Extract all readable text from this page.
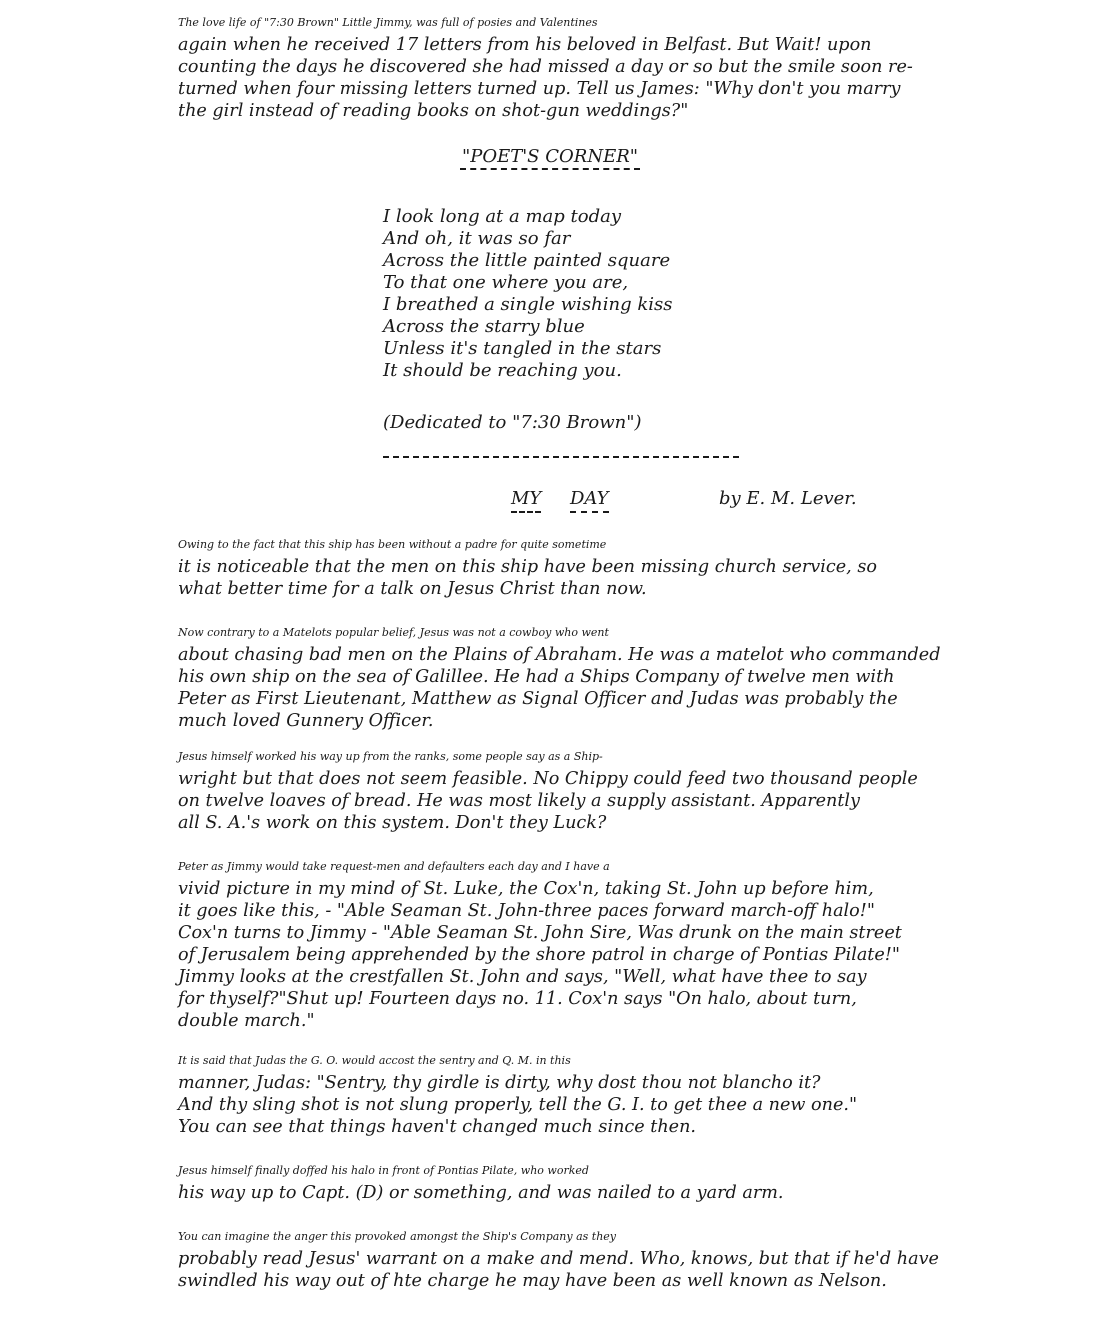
The love life of "7:30 Brown" Little Jimmy, was full of posies and Valentines
again when he received 17 letters from his beloved in Belfast. But Wait! upon
counting the days he discovered she had missed a day or so but the smile soon re-
turned when four missing letters turned up. Tell us James: "Why don't you marry
the girl instead of reading books on shot-gun weddings?"

"POET'S CORNER"
I look long at a map today
And oh, it was so far
Across the little painted square
To that one where you are,
I breathed a single wishing kiss
Across the starry blue
Unless it's tangled in the stars
It should be reaching you.
(Dedicated to "7:30 Brown")
MY DAY	by E. M. Lever.

Owing to the fact that this ship has been without a padre for quite sometime
it is noticeable that the men on this ship have been missing church service, so
what better time for a talk on Jesus Christ than now.

Now contrary to a Matelots popular belief, Jesus was not a cowboy who went
about chasing bad men on the Plains of Abraham. He was a matelot who commanded
his own ship on the sea of Galillee. He had a Ships Company of twelve men with
Peter as First Lieutenant, Matthew as Signal Officer and Judas was probably the
much loved Gunnery Officer.

Jesus himself worked his way up from the ranks, some people say as a Ship-
wright but that does not seem feasible. No Chippy could feed two thousand people
on twelve loaves of bread. He was most likely a supply assistant. Apparently
all S. A.'s work on this system. Don't they Luck?

Peter as Jimmy would take request-men and defaulters each day and I have a
vivid picture in my mind of St. Luke, the Cox'n, taking St. John up before him,
it goes like this, - "Able Seaman St. John-three paces forward march-off halo!"
Cox'n turns to Jimmy - "Able Seaman St. John Sire, Was drunk on the main street
of Jerusalem being apprehended by the shore patrol in charge of Pontias Pilate!"
Jimmy looks at the crestfallen St. John and says, "Well, what have thee to say
for thyself?"Shut up! Fourteen days no. 11. Cox'n says "On halo, about turn,
double march."

It is said that Judas the G. O. would accost the sentry and Q. M. in this
manner, Judas: "Sentry, thy girdle is dirty, why dost thou not blancho it?
And thy sling shot is not slung properly, tell the G. I. to get thee a new one."
You can see that things haven't changed much since then.

Jesus himself finally doffed his halo in front of Pontias Pilate, who worked
his way up to Capt. (D) or something, and was nailed to a yard arm.

You can imagine the anger this provoked amongst the Ship's Company as they
probably read Jesus' warrant on a make and mend. Who, knows, but that if he'd have
swindled his way out of hte charge he may have been as well known as Nelson.
